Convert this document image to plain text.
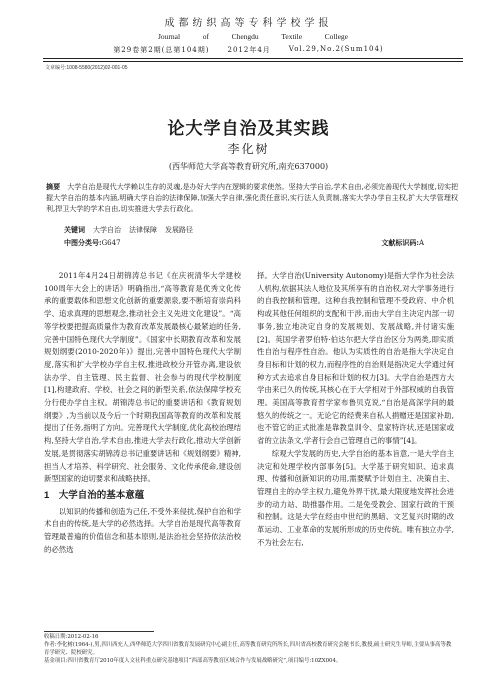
成都纺织高等专科学校学报
Journal	of	Chengdu	Textile	College
第29卷第2期(总第104期)	2012年4月	Vol.29,No.2(Sum104)
文章编号:1008-5580(2012)02-001-05
论大学自治及其实践
李化树
(西华师范大学高等教育研究所,南充637000)
摘要　 大学自治是现代大学赖以生存的灵魂,是办好大学内在逻辑的要求使然。坚持大学自治,学术自由,必须完善现代大学制度,切实把握大学自治的基本内涵,明确大学自治的法律保障,加强大学自律,强化责任意识,实行法人负责制,落实大学办学自主权,扩大大学管理权利,捍卫大学的学术自由,切实推进大学去行政化。
关键词 大学自治 法律保障 发展路径
中图分类号:G647	文献标识码:A

2011年4月24日胡锦涛总书记《在庆祝清华大学建校100周年大会上的讲话》明确指出,“高等教育是优秀文化传承的重要载体和思想文化创新的重要源泉,要不断培育崇尚科学、追求真理的思想观念,推动社会主义先进文化建设”。“高等学校要把提高质量作为教育改革发展最核心最紧迫的任务,完善中国特色现代大学制度”。《国家中长期教育改革和发展规划纲要(2010-2020年)》提出,完善中国特色现代大学制度,落实和扩大学校办学自主权,推进政校分开管办离,建设依法办学、自主管理、民主监督、社会参与的现代学校制度[1],构建政府、学校、社会之间的新型关系,依法保障学校充分行使办学自主权。胡锦涛总书记的重要讲话和《教育规划纲要》,为当前以及今后一个时期我国高等教育的改革和发展提出了任务,指明了方向。完善现代大学制度,优化高校治理结构,坚持大学自治,学术自由,推进大学去行政化,推动大学创新发展,是贯彻落实胡锦涛总书记重要讲话和《规划纲要》精神,担当人才培养、科学研究、社会服务、文化传承使命,建设创新型国家的迫切要求和战略抉择。

1　大学自治的基本意蕴

以知识的传播和创造为己任,不受外来侵扰,保护自治和学术自由的传统,是大学的必然选择。大学自治是现代高等教育管理最普遍的价值信念和基本原则,是法治社会坚持依法治校的必然选

择。大学自治(University Autonomy)是指大学作为社会法人机构,依据其法人地位及其所享有的自治权,对大学事务进行的自我控制和管理。这种自我控制和管理不受政府、中介机构或其他任何组织的支配和干涉,而由大学自主决定内部一切事务,独立地决定自身的发展规划、发展战略,并付诸实施[2]。英国学者罗伯特·伯达尔把大学自治区分为两类,即实质性自治与程序性自治。他认为实质性的自治是指大学决定自身目标和计划的权力,而程序性的自治则是指决定大学通过何种方式去追求自身目标和计划的权力[3]。大学自治是西方大学由来已久的传统,其核心在于大学相对于外部权威的自我管理。美国高等教育哲学家布鲁贝克说,“自治是高深学问的最悠久的传统之一。无论它的经费来自私人捐赠还是国家补助,也不管它的正式批准是靠教皇训令、皇家特许状,还是国家或省的立法条文,学者行会自己管理自己的事情”[4]。

综观大学发展的历史,大学自治的基本旨意,一是大学自主决定和处理学校内部事务[5]。大学基于研究知识、追求真理、传播和创新知识的功用,需要赋予计划自主、决策自主、管理自主的办学主权力,避免外界干扰,最大限度地发挥社会进步的动力站、助推器作用。二是免受教会、国家行政的干预和控制。这是大学在经由中世纪的黑暗、文艺复兴时期的改革运动、工业革命的发展所形成的历史传统。唯有独立办学,不为社会左右,

收稿日期:2012-02-16
作者:李化树(1964-),男,四川西充人,西华师范大学四川省教育发展研究中心副主任,高等教育研究所所长,四川省高校教育研究会秘书长,教授,硕士研究生导师,主要从事高等教育学研究、院校研究。
基金项目:四川省教育厅2010年度人文社科重点研究基地项目“西部高等教育区域合作与发展战略研究”,项目编号:10ZX004。
